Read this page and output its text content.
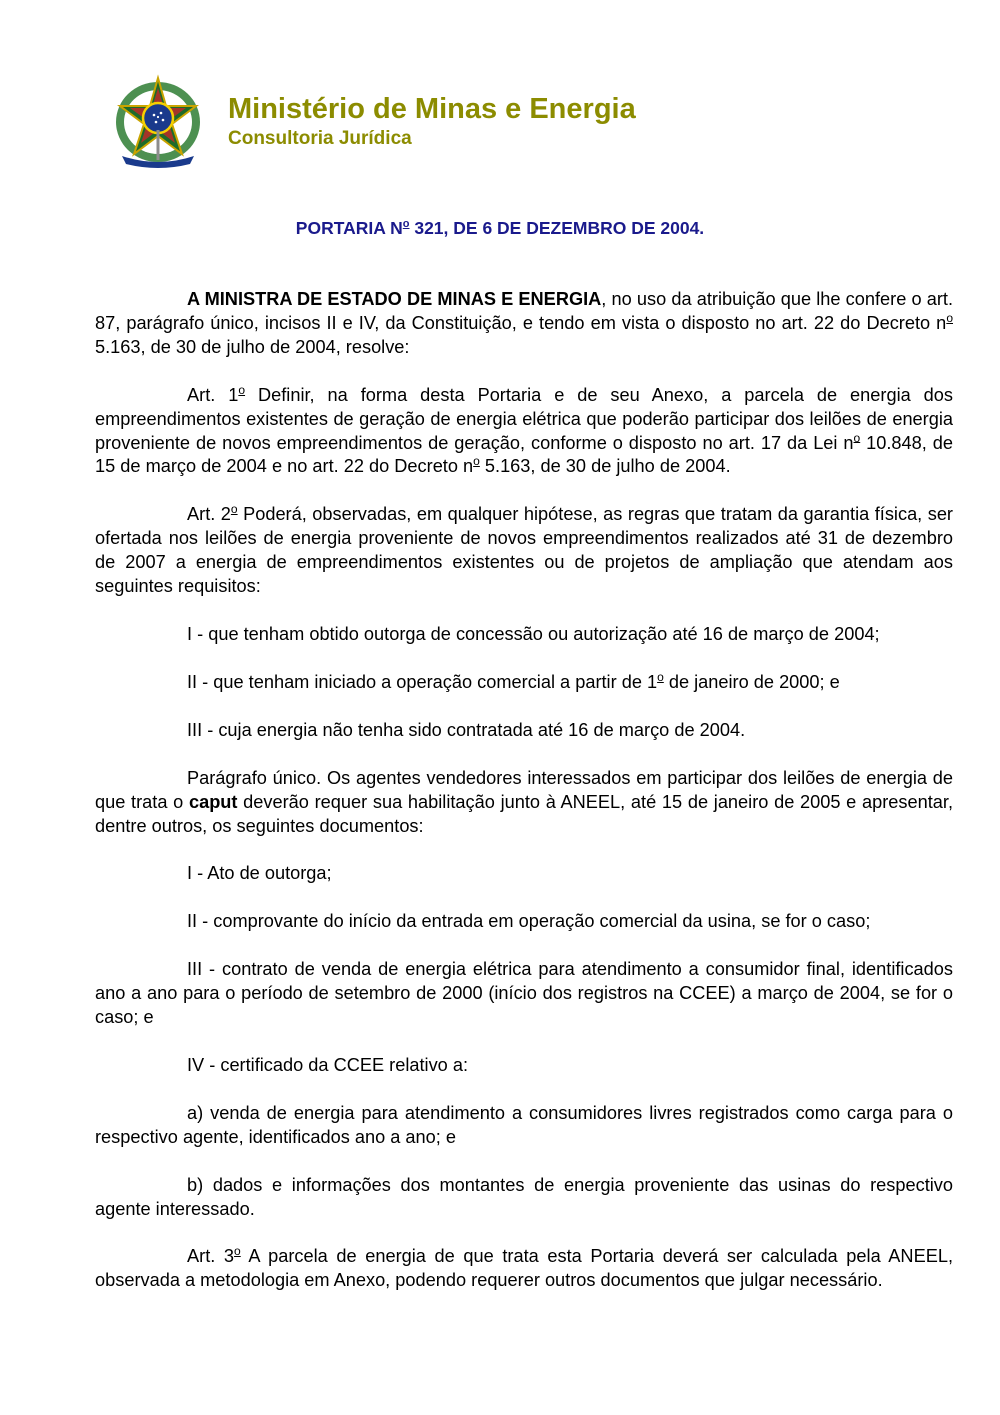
Ministério de Minas e Energia
Consultoria Jurídica
PORTARIA $N^o$ 321, DE 6 DE DEZEMBRO DE 2004.

A MINISTRA DE ESTADO DE MINAS E ENERGIA, no uso da atribuição que lhe confere o art. 87, parágrafo único, incisos II e IV, da Constituição, e tendo em vista o disposto no art. 22 do Decreto $n^o$ 5.163, de 30 de julho de 2004, resolve:

Art. 1$^o$ Definir, na forma desta Portaria e de seu Anexo, a parcela de energia dos empreendimentos existentes de geração de energia elétrica que poderão participar dos leilões de energia proveniente de novos empreendimentos de geração, conforme o disposto no art. 17 da Lei $n^o$ 10.848, de 15 de março de 2004 e no art. 22 do Decreto $n^o$ 5.163, de 30 de julho de 2004.

Art. 2$^o$ Poderá, observadas, em qualquer hipótese, as regras que tratam da garantia física, ser ofertada nos leilões de energia proveniente de novos empreendimentos realizados até 31 de dezembro de 2007 a energia de empreendimentos existentes ou de projetos de ampliação que atendam aos seguintes requisitos:

I - que tenham obtido outorga de concessão ou autorização até 16 de março de 2004;

II - que tenham iniciado a operação comercial a partir de 1$^o$ de janeiro de 2000; e

III - cuja energia não tenha sido contratada até 16 de março de 2004.

Parágrafo único. Os agentes vendedores interessados em participar dos leilões de energia de que trata o caput deverão requer sua habilitação junto à ANEEL, até 15 de janeiro de 2005 e apresentar, dentre outros, os seguintes documentos:

I - Ato de outorga;

II - comprovante do início da entrada em operação comercial da usina, se for o caso;

III - contrato de venda de energia elétrica para atendimento a consumidor final, identificados ano a ano para o período de setembro de 2000 (início dos registros na CCEE) a março de 2004, se for o caso; e

IV - certificado da CCEE relativo a:

a) venda de energia para atendimento a consumidores livres registrados como carga para o respectivo agente, identificados ano a ano; e

b) dados e informações dos montantes de energia proveniente das usinas do respectivo agente interessado.

Art. 3$^o$ A parcela de energia de que trata esta Portaria deverá ser calculada pela ANEEL, observada a metodologia em Anexo, podendo requerer outros documentos que julgar necessário.
